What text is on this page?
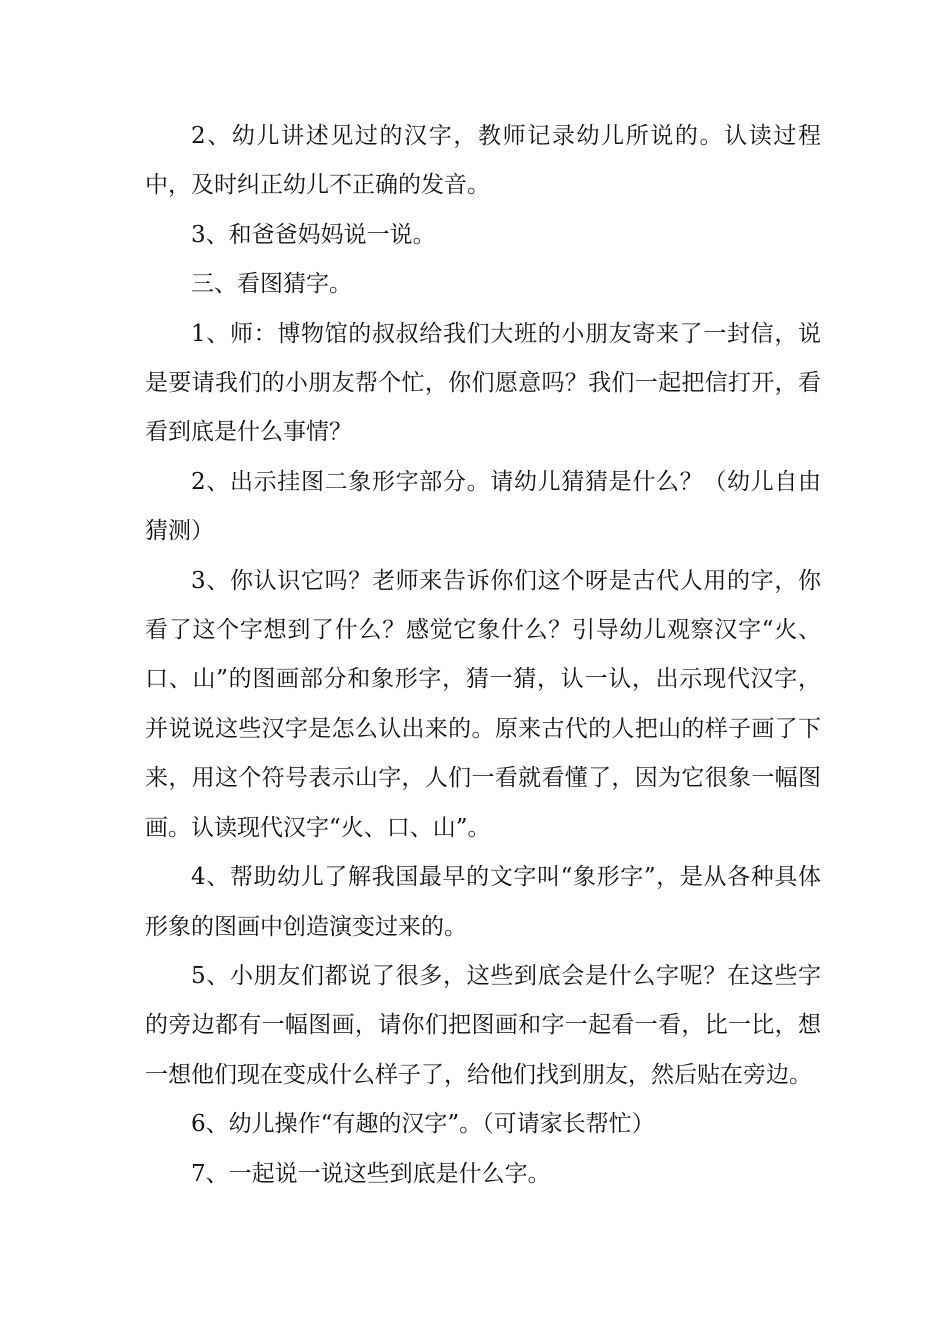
2、幼儿讲述见过的汉字，教师记录幼儿所说的。认读过程中，及时纠正幼儿不正确的发音。

3、和爸爸妈妈说一说。

三、看图猜字。

1、师：博物馆的叔叔给我们大班的小朋友寄来了一封信，说是要请我们的小朋友帮个忙，你们愿意吗？我们一起把信打开，看看到底是什么事情？

2、出示挂图二象形字部分。请幼儿猜猜是什么？（幼儿自由猜测）

3、你认识它吗？老师来告诉你们这个呀是古代人用的字，你看了这个字想到了什么？感觉它象什么？引导幼儿观察汉字“火、口、山”的图画部分和象形字，猜一猜，认一认，出示现代汉字，并说说这些汉字是怎么认出来的。原来古代的人把山的样子画了下来，用这个符号表示山字，人们一看就看懂了，因为它很象一幅图画。认读现代汉字“火、口、山”。

4、帮助幼儿了解我国最早的文字叫“象形字”，是从各种具体形象的图画中创造演变过来的。

5、小朋友们都说了很多，这些到底会是什么字呢？在这些字的旁边都有一幅图画，请你们把图画和字一起看一看，比一比，想一想他们现在变成什么样子了，给他们找到朋友，然后贴在旁边。

6、幼儿操作“有趣的汉字”。（可请家长帮忙）

7、一起说一说这些到底是什么字。
